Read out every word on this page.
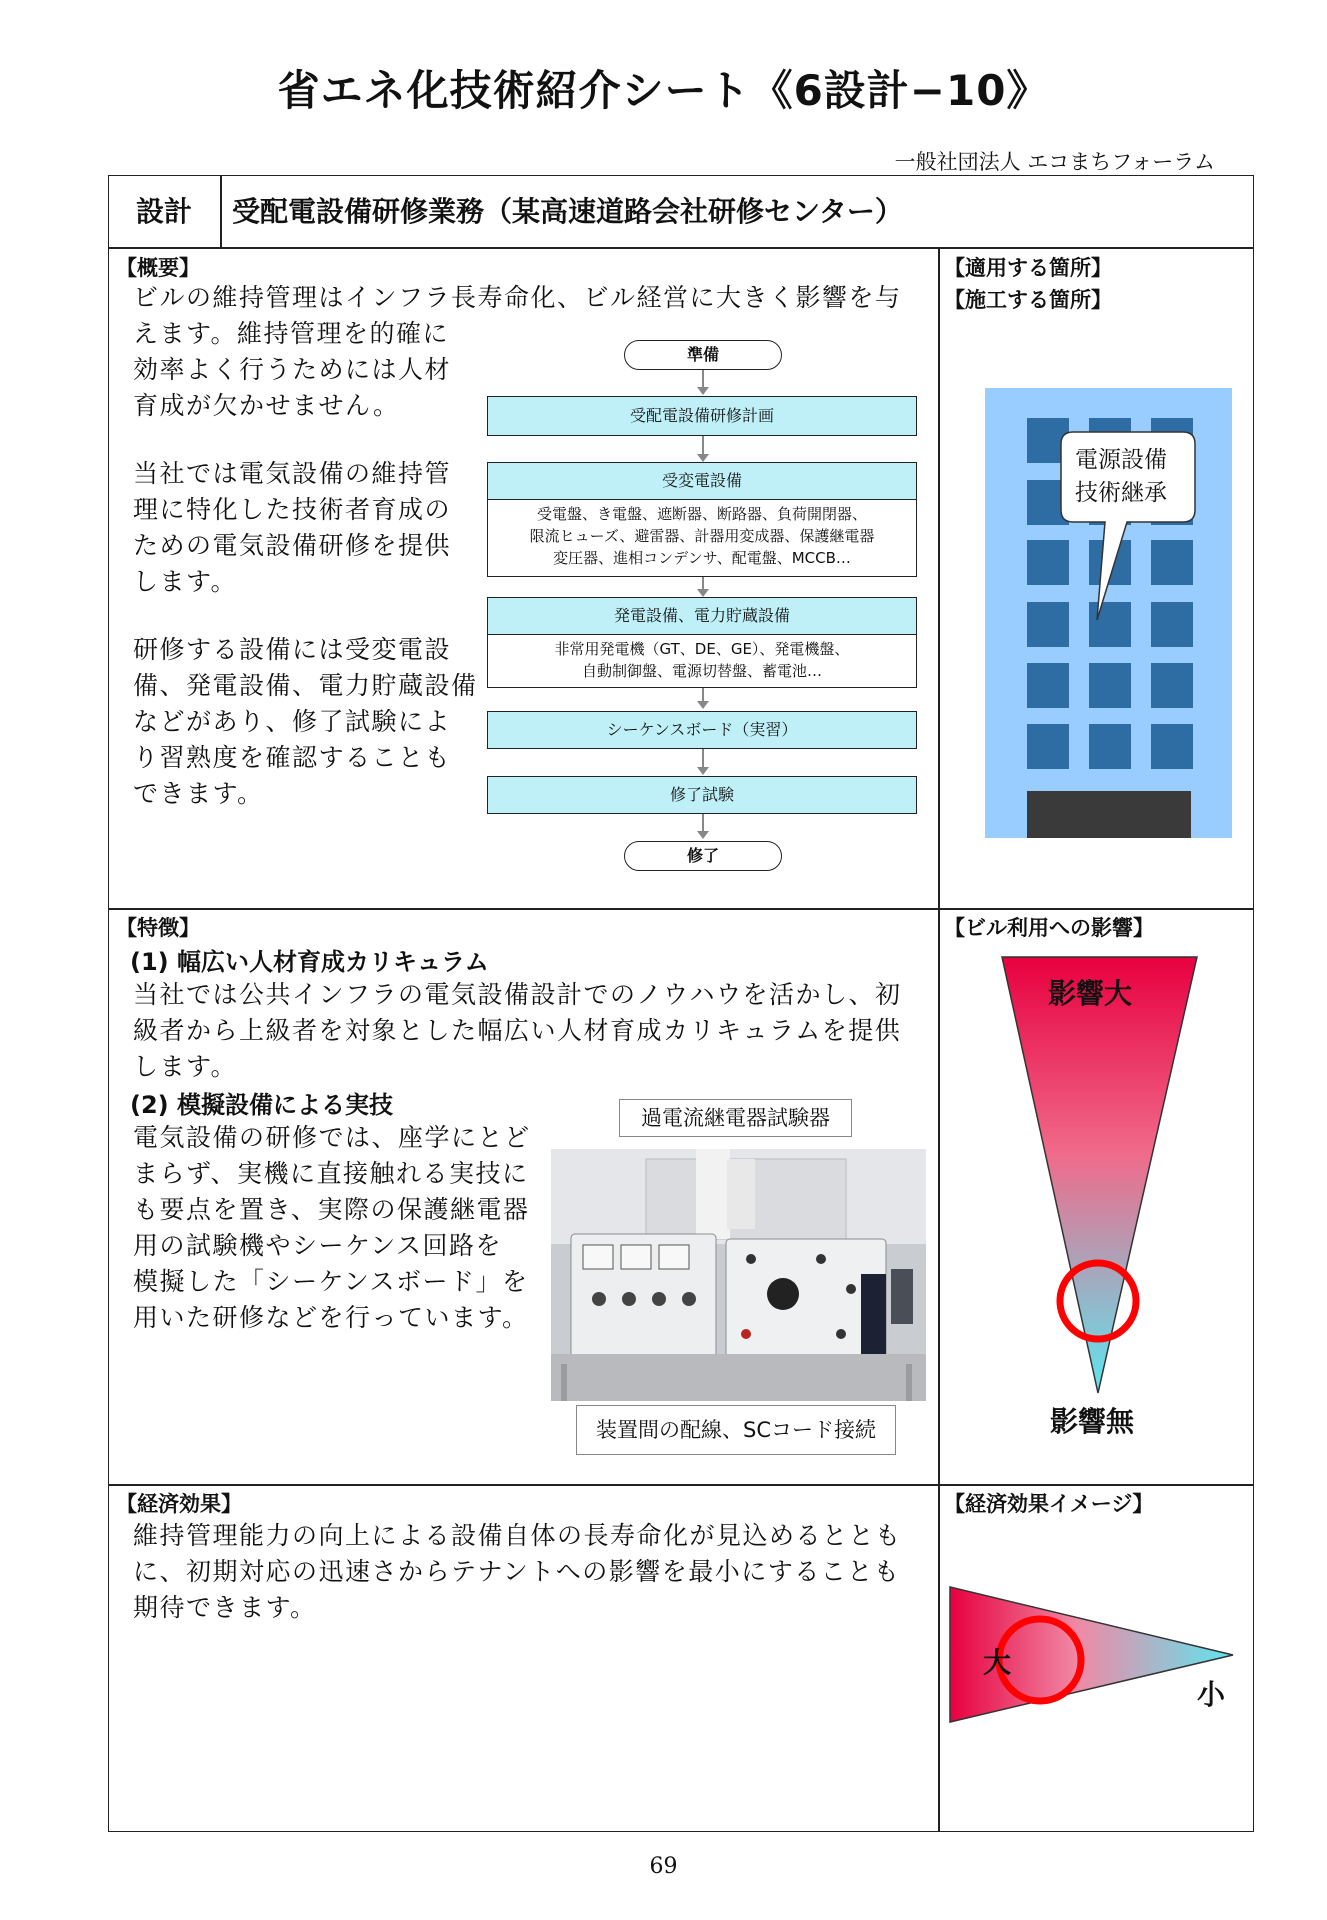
省エネ化技術紹介シート《6設計−10》
一般社団法人 エコまちフォーラム
設計	受配電設備研修業務（某高速道路会社研修センター）
【概要】
ビルの維持管理はインフラ長寿命化、ビル経営に大きく影響を与
えます。維持管理を的確に
効率よく行うためには人材
育成が欠かせません。
当社では電気設備の維持管
理に特化した技術者育成の
ための電気設備研修を提供
します。
研修する設備には受変電設
備、発電設備、電力貯蔵設備
などがあり、修了試験によ
り習熟度を確認することも
できます。
準備
受配電設備研修計画
受変電設備
受電盤、き電盤、遮断器、断路器、負荷開閉器、
限流ヒューズ、避雷器、計器用変成器、保護継電器
変圧器、進相コンデンサ、配電盤、MCCB…
発電設備、電力貯蔵設備
非常用発電機（GT、DE、GE）、発電機盤、
自動制御盤、電源切替盤、蓄電池…
シーケンスボード（実習）
修了試験
修了
【適用する箇所】
【施工する箇所】
電源設備
技術継承
【特徴】
(1) 幅広い人材育成カリキュラム
当社では公共インフラの電気設備設計でのノウハウを活かし、初
級者から上級者を対象とした幅広い人材育成カリキュラムを提供
します。
(2) 模擬設備による実技
電気設備の研修では、座学にとど
まらず、実機に直接触れる実技に
も要点を置き、実際の保護継電器
用の試験機やシーケンス回路を
模擬した「シーケンスボード」を
用いた研修などを行っています。
過電流継電器試験器
装置間の配線、SCコード接続
【ビル利用への影響】
影響大
影響無
【経済効果】
維持管理能力の向上による設備自体の長寿命化が見込めるととも
に、初期対応の迅速さからテナントへの影響を最小にすることも
期待できます。
【経済効果イメージ】
大
小
69
